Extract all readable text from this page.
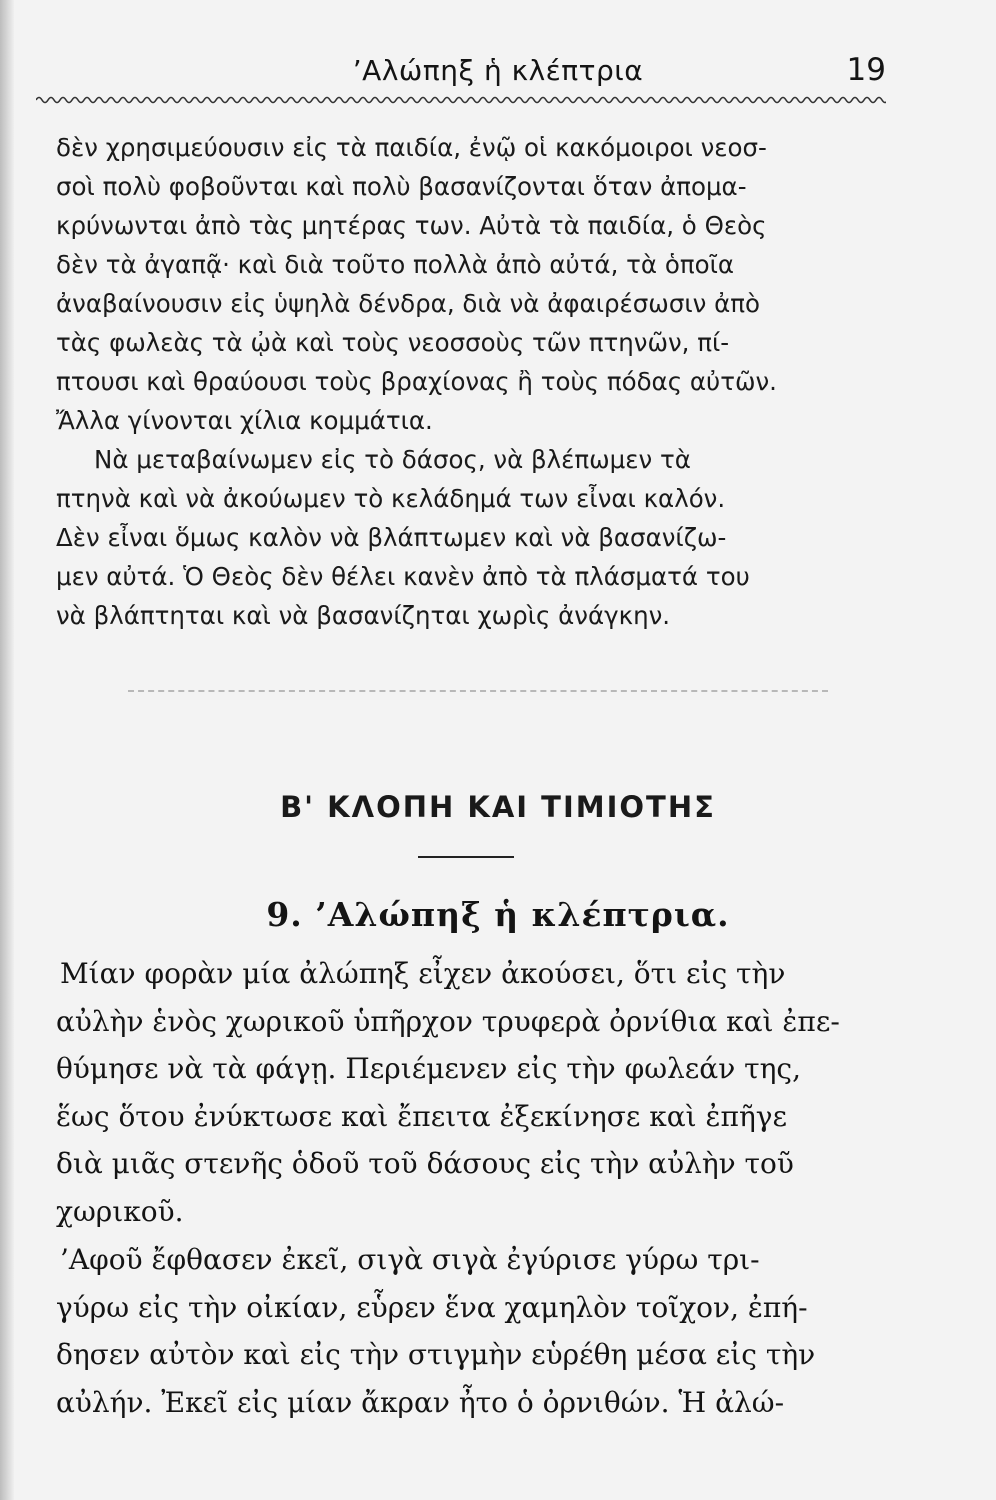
’Αλώπηξ ἡ κλέπτρια	19
δὲν χρησιμεύουσιν εἰς τὰ παιδία, ἐνῷ οἱ κακόμοιροι νεοσ-
σοὶ πολὺ φοβοῦνται καὶ πολὺ βασανίζονται ὅταν ἀπομα-
κρύνωνται ἀπὸ τὰς μητέρας των. Αὐτὰ τὰ παιδία, ὁ Θεὸς
δὲν τὰ ἀγαπᾷ· καὶ διὰ τοῦτο πολλὰ ἀπὸ αὐτά, τὰ ὁποῖα
ἀναβαίνουσιν εἰς ὑψηλὰ δένδρα, διὰ νὰ ἀφαιρέσωσιν ἀπὸ
τὰς φωλεὰς τὰ ᾠὰ καὶ τοὺς νεοσσοὺς τῶν πτηνῶν, πί-
πτουσι καὶ θραύουσι τοὺς βραχίονας ἢ τοὺς πόδας αὐτῶν.
Ἄλλα γίνονται χίλια κομμάτια.
Νὰ μεταβαίνωμεν εἰς τὸ δάσος, νὰ βλέπωμεν τὰ
πτηνὰ καὶ νὰ ἀκούωμεν τὸ κελάδημά των εἶναι καλόν.
Δὲν εἶναι ὅμως καλὸν νὰ βλάπτωμεν καὶ νὰ βασανίζω-
μεν αὐτά. Ὁ Θεὸς δὲν θέλει κανὲν ἀπὸ τὰ πλάσματά του
νὰ βλάπτηται καὶ νὰ βασανίζηται χωρὶς ἀνάγκην.
Β' ΚΛΟΠΗ ΚΑΙ ΤΙΜΙΟΤΗΣ
9. ’Αλώπηξ ἡ κλέπτρια.
Μίαν φορὰν μία ἀλώπηξ εἶχεν ἀκούσει, ὅτι εἰς τὴν
αὐλὴν ἑνὸς χωρικοῦ ὑπῆρχον τρυφερὰ ὀρνίθια καὶ ἐπε-
θύμησε νὰ τὰ φάγῃ. Περιέμενεν εἰς τὴν φωλεάν της,
ἕως ὅτου ἐνύκτωσε καὶ ἔπειτα ἐξεκίνησε καὶ ἐπῆγε
διὰ μιᾶς στενῆς ὁδοῦ τοῦ δάσους εἰς τὴν αὐλὴν τοῦ
χωρικοῦ.
’Αφοῦ ἔφθασεν ἐκεῖ, σιγὰ σιγὰ ἐγύρισε γύρω τρι-
γύρω εἰς τὴν οἰκίαν, εὗρεν ἕνα χαμηλὸν τοῖχον, ἐπή-
δησεν αὐτὸν καὶ εἰς τὴν στιγμὴν εὑρέθη μέσα εἰς τὴν
αὐλήν. Ἐκεῖ εἰς μίαν ἄκραν ἦτο ὁ ὀρνιθών. Ἡ ἀλώ-
